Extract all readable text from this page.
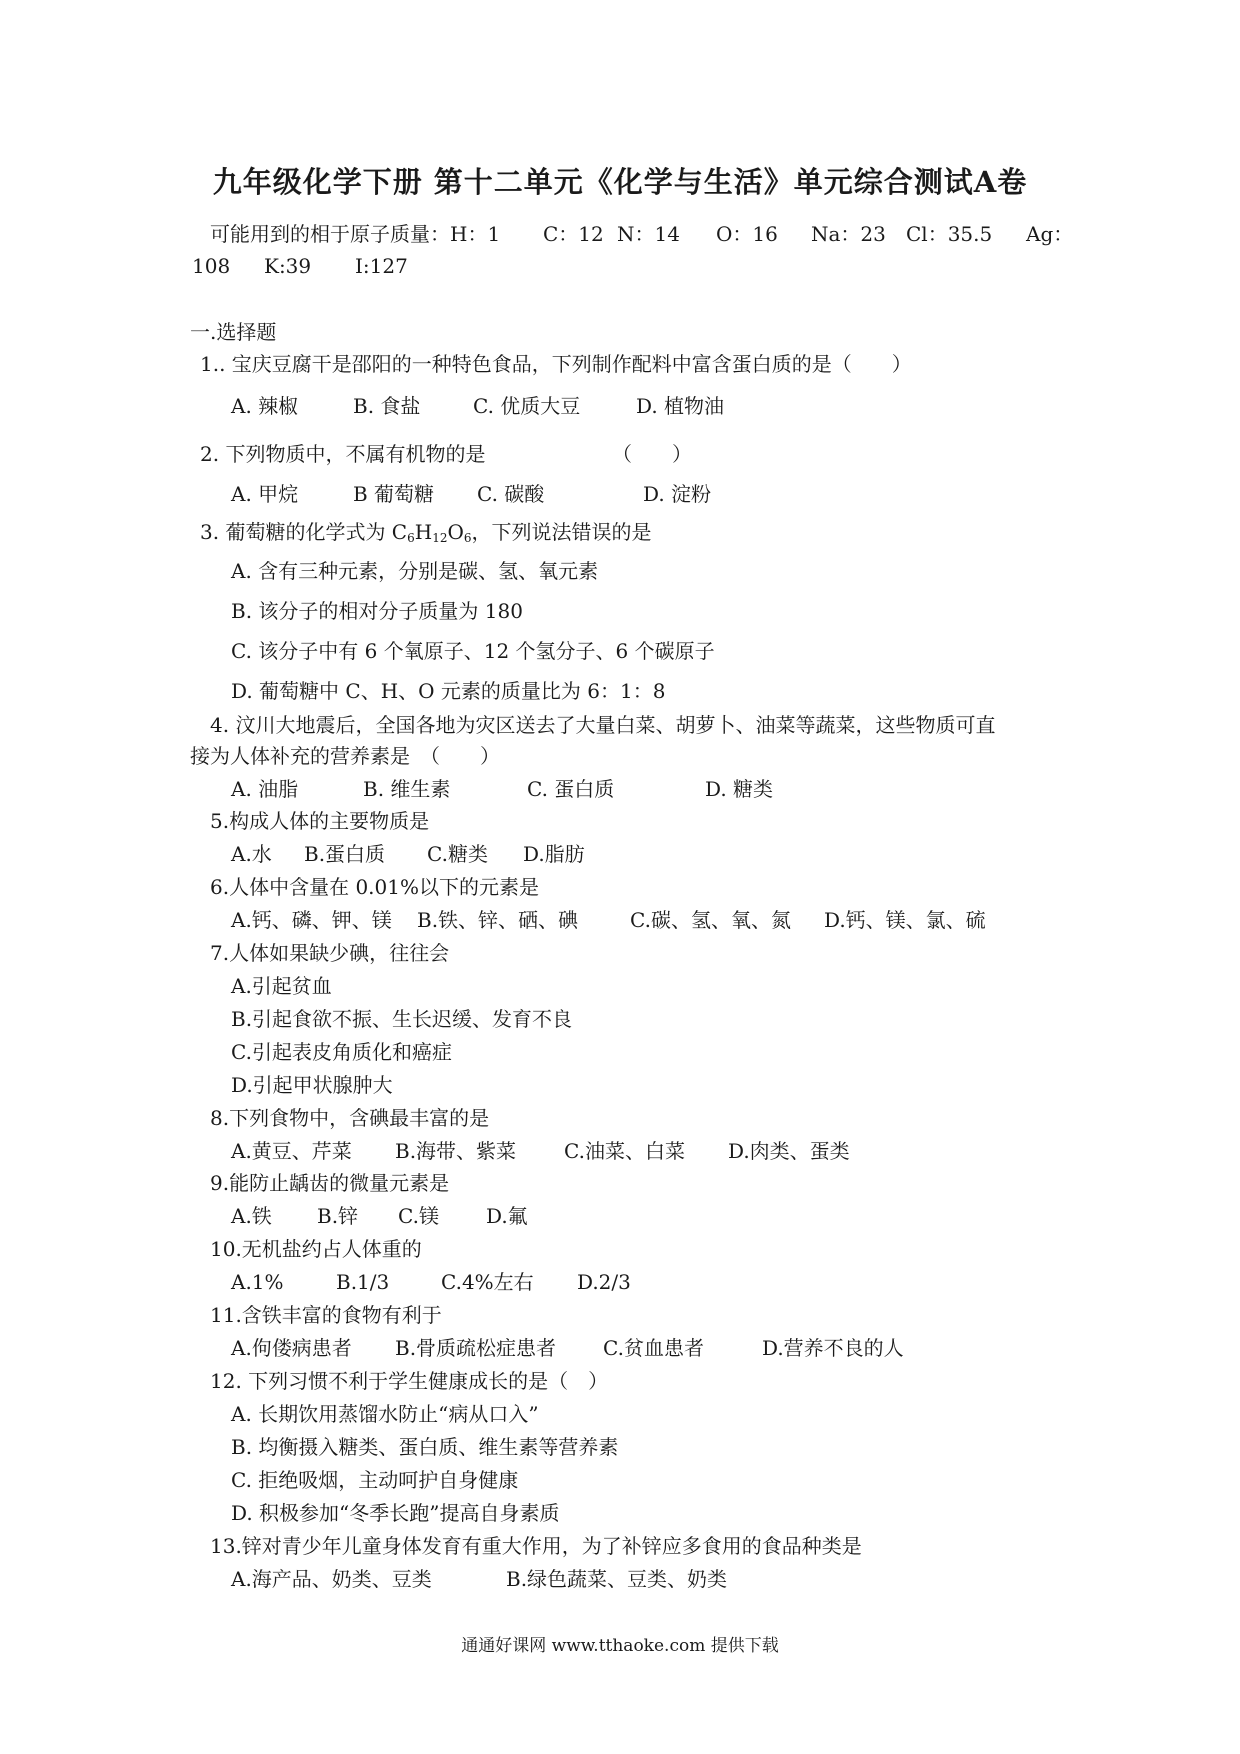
九年级化学下册 第十二单元《化学与生活》单元综合测试A卷
可能用到的相于原子质量：H：1 C：12 N：14 O：16 Na：23 Cl：35.5 Ag：
108 K:39 I:127
一.选择题
1.. 宝庆豆腐干是邵阳的一种特色食品，下列制作配料中富含蛋白质的是（　　）
A. 辣椒	B. 食盐	C. 优质大豆	D. 植物油
2. 下列物质中，不属有机物的是	（　　）
A. 甲烷	B 葡萄糖 C. 碳酸	D. 淀粉
3. 葡萄糖的化学式为 $C_6H_{12}O_6$，下列说法错误的是
A. 含有三种元素，分别是碳、氢、氧元素
B. 该分子的相对分子质量为 180
C. 该分子中有 6 个氧原子、12 个氢分子、6 个碳原子
D. 葡萄糖中 C、H、O 元素的质量比为 6：1：8
4. 汶川大地震后，全国各地为灾区送去了大量白菜、胡萝卜、油菜等蔬菜，这些物质可直
接为人体补充的营养素是　（　　）
A. 油脂	B. 维生素	C. 蛋白质	D. 糖类
5.构成人体的主要物质是
A.水 B.蛋白质 C.糖类 D.脂肪
6.人体中含量在 0.01%以下的元素是
A.钙、磷、钾、镁 B.铁、锌、硒、碘	C.碳、氢、氧、氮 D.钙、镁、氯、硫
7.人体如果缺少碘，往往会
A.引起贫血
B.引起食欲不振、生长迟缓、发育不良
C.引起表皮角质化和癌症
D.引起甲状腺肿大
8.下列食物中，含碘最丰富的是
A.黄豆、芹菜 B.海带、紫菜 C.油菜、白菜 D.肉类、蛋类
9.能防止龋齿的微量元素是
A.铁 B.锌 C.镁 D.氟
10.无机盐约占人体重的
A.1%	B.1/3	C.4%左右 D.2/3
11.含铁丰富的食物有利于
A.佝偻病患者 B.骨质疏松症患者 C.贫血患者	D.营养不良的人
12. 下列习惯不利于学生健康成长的是（　）
A. 长期饮用蒸馏水防止“病从口入”
B. 均衡摄入糖类、蛋白质、维生素等营养素
C. 拒绝吸烟，主动呵护自身健康
D. 积极参加“冬季长跑”提高自身素质
13.锌对青少年儿童身体发育有重大作用，为了补锌应多食用的食品种类是
A.海产品、奶类、豆类	B.绿色蔬菜、豆类、奶类
通通好课网 www.tthaoke.com 提供下载
